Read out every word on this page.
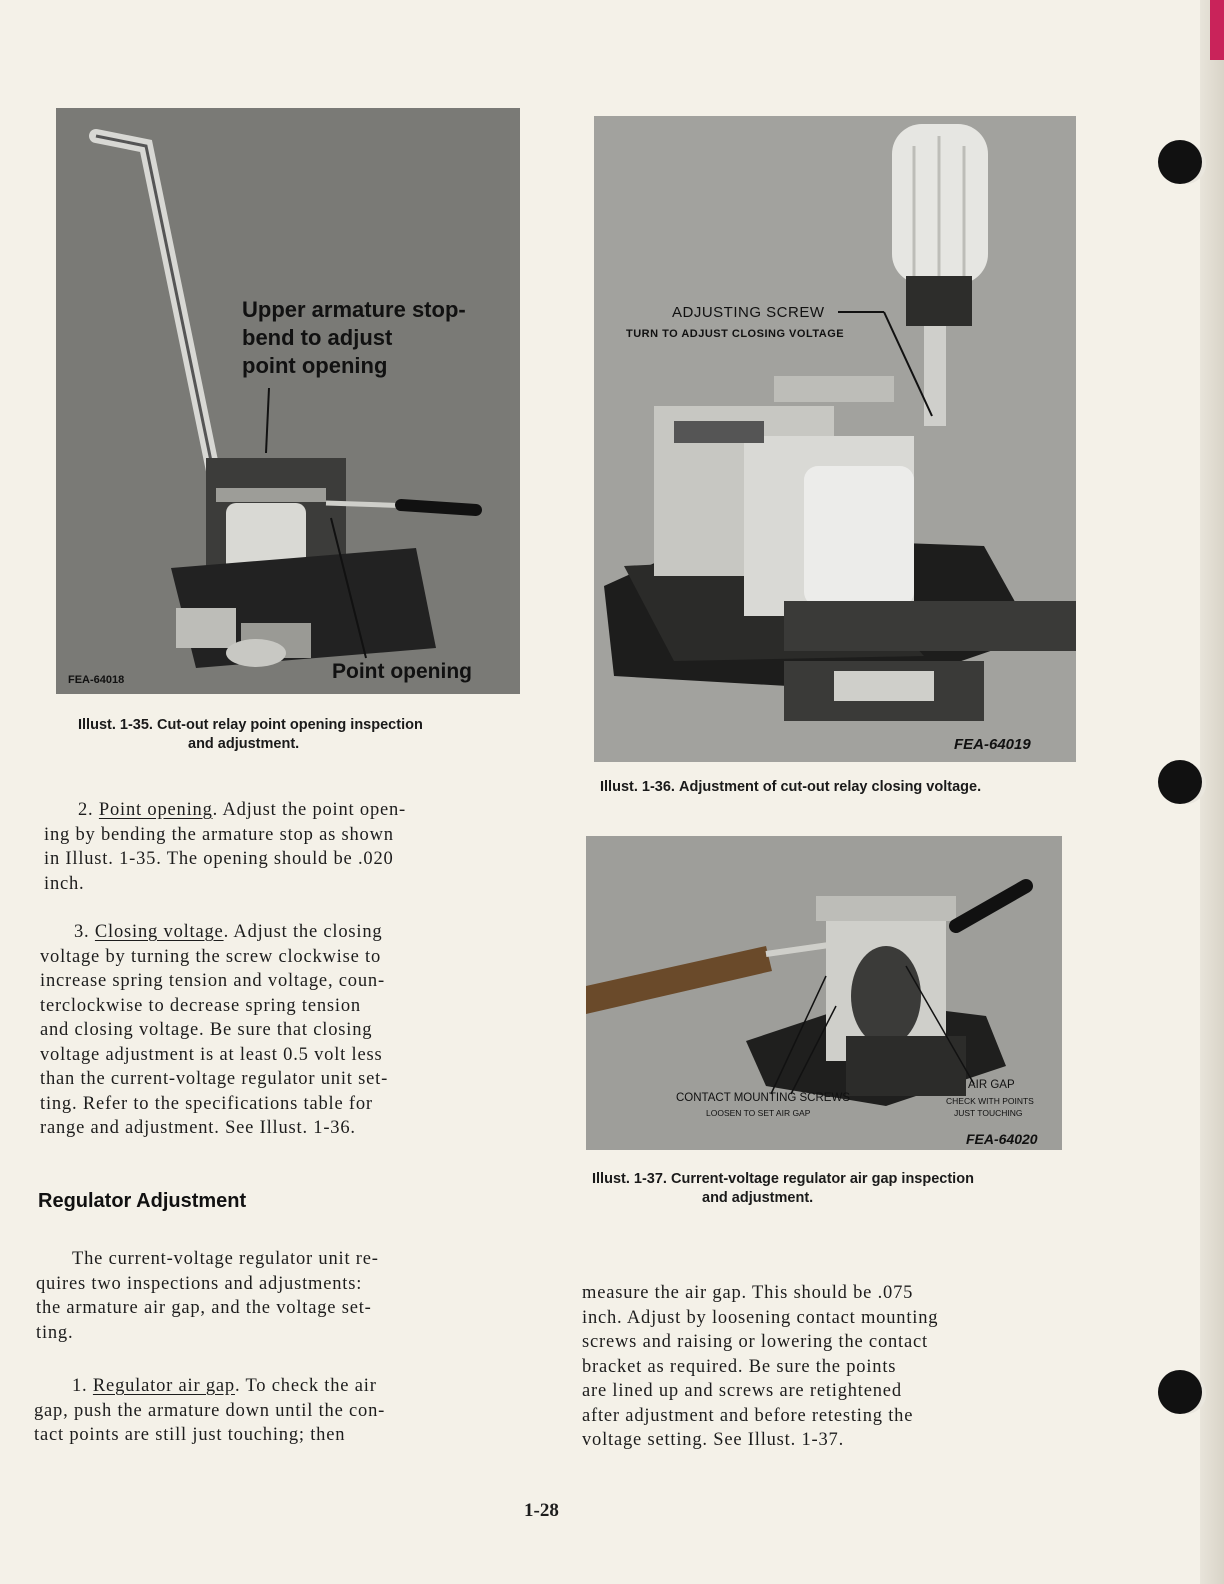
Upper armature stop-
bend to adjust
point opening
Point opening
FEA-64018
Illust. 1-35. Cut-out relay point opening inspection
and adjustment.
ADJUSTING SCREW
TURN TO ADJUST CLOSING VOLTAGE
FEA-64019
Illust. 1-36. Adjustment of cut-out relay closing voltage.
CONTACT MOUNTING SCREWS
LOOSEN TO SET AIR GAP
AIR GAP
CHECK WITH POINTS
JUST TOUCHING
FEA-64020
Illust. 1-37. Current-voltage regulator air gap inspection
and adjustment.

2. Point opening. Adjust the point open-

ing by bending the armature stop as shown

in Illust. 1-35. The opening should be .020

inch.

3. Closing voltage. Adjust the closing

voltage by turning the screw clockwise to

increase spring tension and voltage, coun-

terclockwise to decrease spring tension

and closing voltage. Be sure that closing

voltage adjustment is at least 0.5 volt less

than the current-voltage regulator unit set-

ting. Refer to the specifications table for

range and adjustment. See Illust. 1-36.

Regulator Adjustment

The current-voltage regulator unit re-

quires two inspections and adjustments:

the armature air gap, and the voltage set-

ting.

1. Regulator air gap. To check the air

gap, push the armature down until the con-

tact points are still just touching; then

measure the air gap. This should be .075

inch. Adjust by loosening contact mounting

screws and raising or lowering the contact

bracket as required. Be sure the points

are lined up and screws are retightened

after adjustment and before retesting the

voltage setting. See Illust. 1-37.

1-28
